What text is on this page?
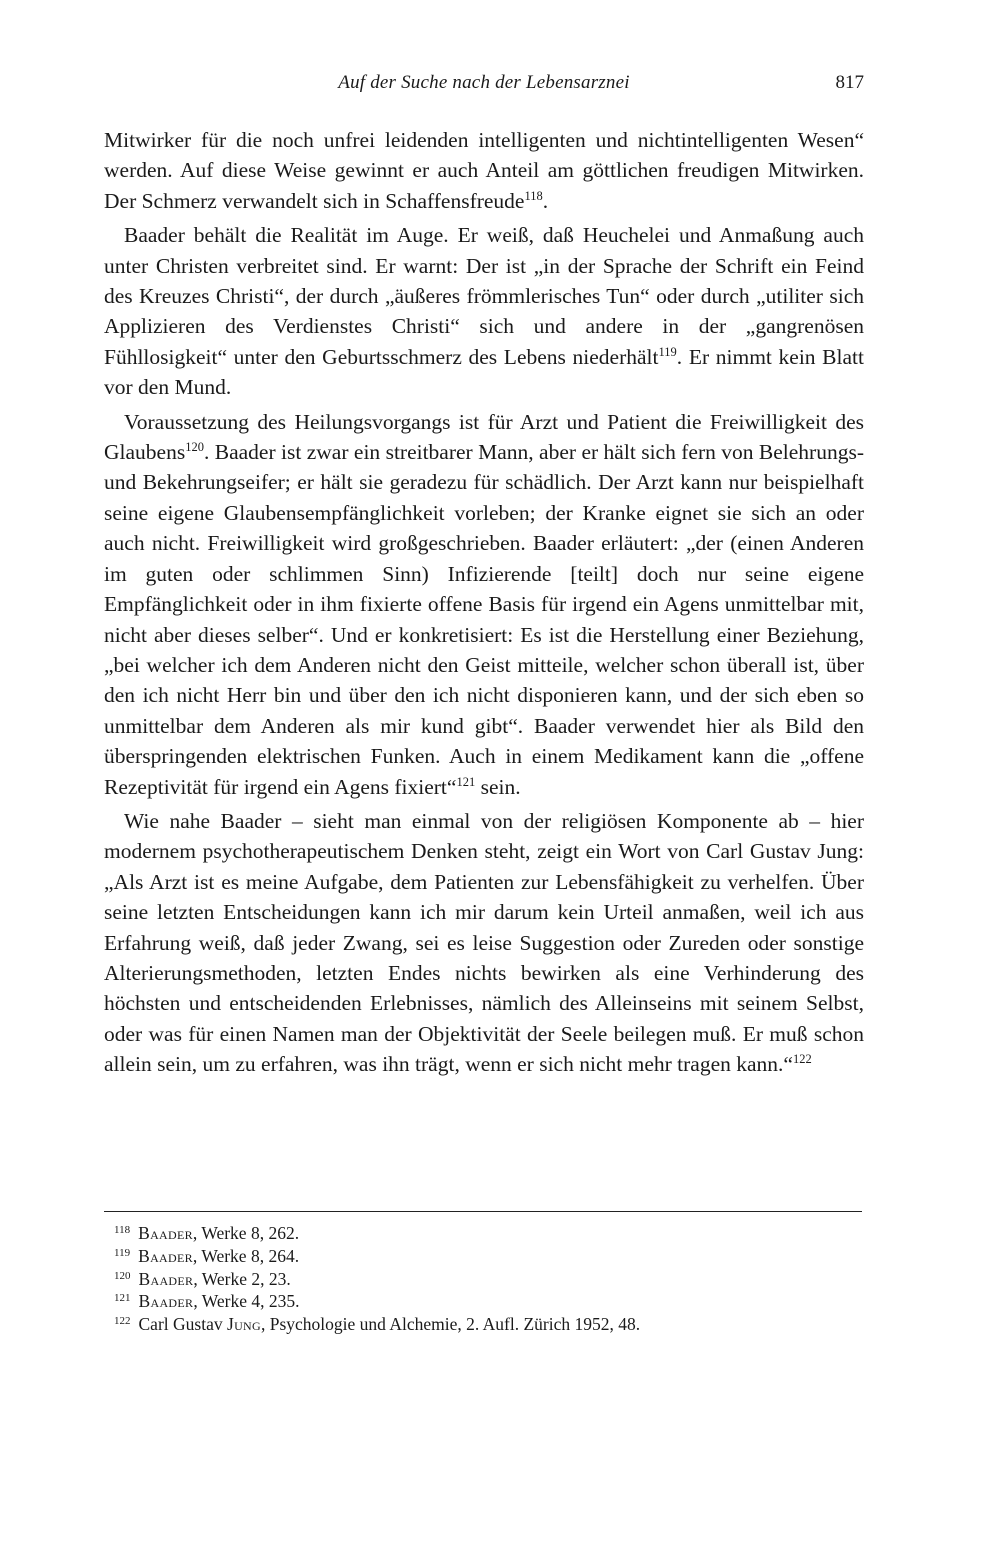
Auf der Suche nach der Lebensarznei	817

Mitwirker für die noch unfrei leidenden intelligenten und nichtintelligenten Wesen“ werden. Auf diese Weise gewinnt er auch Anteil am göttlichen freudigen Mitwirken. Der Schmerz verwandelt sich in Schaffensfreude$^{118}$.

Baader behält die Realität im Auge. Er weiß, daß Heuchelei und Anmaßung auch unter Christen verbreitet sind. Er warnt: Der ist „in der Sprache der Schrift ein Feind des Kreuzes Christi“, der durch „äußeres frömmlerisches Tun“ oder durch „utiliter sich Applizieren des Verdienstes Christi“ sich und andere in der „gangrenösen Fühllosigkeit“ unter den Geburtsschmerz des Lebens niederhält$^{119}$. Er nimmt kein Blatt vor den Mund.

Voraussetzung des Heilungsvorgangs ist für Arzt und Patient die Freiwilligkeit des Glaubens$^{120}$. Baader ist zwar ein streitbarer Mann, aber er hält sich fern von Belehrungs- und Bekehrungseifer; er hält sie geradezu für schädlich. Der Arzt kann nur beispielhaft seine eigene Glaubensempfänglichkeit vorleben; der Kranke eignet sie sich an oder auch nicht. Freiwilligkeit wird großgeschrieben. Baader erläutert: „der (einen Anderen im guten oder schlimmen Sinn) Infizierende [teilt] doch nur seine eigene Empfänglichkeit oder in ihm fixierte offene Basis für irgend ein Agens unmittelbar mit, nicht aber dieses selber“. Und er konkretisiert: Es ist die Herstellung einer Beziehung, „bei welcher ich dem Anderen nicht den Geist mitteile, welcher schon überall ist, über den ich nicht Herr bin und über den ich nicht disponieren kann, und der sich eben so unmittelbar dem Anderen als mir kund gibt“. Baader verwendet hier als Bild den überspringenden elektrischen Funken. Auch in einem Medikament kann die „offene Rezeptivität für irgend ein Agens fixiert“$^{121}$ sein.

Wie nahe Baader – sieht man einmal von der religiösen Komponente ab – hier modernem psychotherapeutischem Denken steht, zeigt ein Wort von Carl Gustav Jung: „Als Arzt ist es meine Aufgabe, dem Patienten zur Lebensfähigkeit zu verhelfen. Über seine letzten Entscheidungen kann ich mir darum kein Urteil anmaßen, weil ich aus Erfahrung weiß, daß jeder Zwang, sei es leise Suggestion oder Zureden oder sonstige Alterierungsmethoden, letzten Endes nichts bewirken als eine Verhinderung des höchsten und entscheidenden Erlebnisses, nämlich des Alleinseins mit seinem Selbst, oder was für einen Namen man der Objektivität der Seele beilegen muß. Er muß schon allein sein, um zu erfahren, was ihn trägt, wenn er sich nicht mehr tragen kann.“$^{122}$

$^{118}$ Baader, Werke 8, 262.
$^{119}$ Baader, Werke 8, 264.
$^{120}$ Baader, Werke 2, 23.
$^{121}$ Baader, Werke 4, 235.
$^{122}$ Carl Gustav Jung, Psychologie und Alchemie, 2. Aufl. Zürich 1952, 48.
